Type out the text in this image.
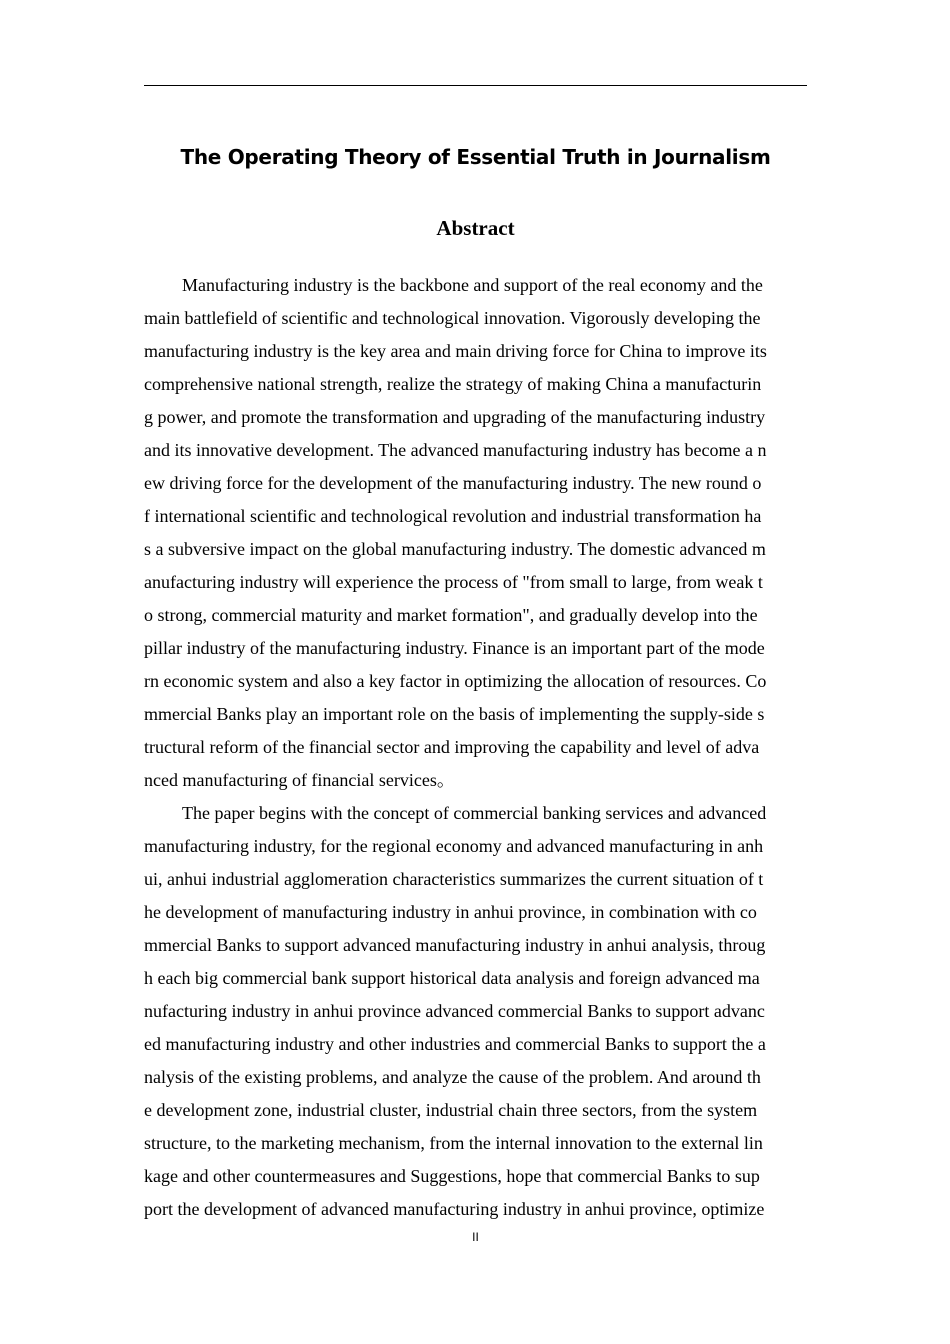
The Operating Theory of Essential Truth in Journalism
Abstract
Manufacturing industry is the backbone and support of the real economy and the
main battlefield of scientific and technological innovation. Vigorously developing the
manufacturing industry is the key area and main driving force for China to improve its
comprehensive national strength, realize the strategy of making China a manufacturin
g power, and promote the transformation and upgrading of the manufacturing industry
and its innovative development. The advanced manufacturing industry has become a n
ew driving force for the development of the manufacturing industry. The new round o
f international scientific and technological revolution and industrial transformation ha
s a subversive impact on the global manufacturing industry. The domestic advanced m
anufacturing industry will experience the process of "from small to large, from weak t
o strong, commercial maturity and market formation", and gradually develop into the
pillar industry of the manufacturing industry. Finance is an important part of the mode
rn economic system and also a key factor in optimizing the allocation of resources. Co
mmercial Banks play an important role on the basis of implementing the supply-side s
tructural reform of the financial sector and improving the capability and level of adva
nced manufacturing of financial services。
The paper begins with the concept of commercial banking services and advanced
manufacturing industry, for the regional economy and advanced manufacturing in anh
ui, anhui industrial agglomeration characteristics summarizes the current situation of t
he development of manufacturing industry in anhui province, in combination with co
mmercial Banks to support advanced manufacturing industry in anhui analysis, throug
h each big commercial bank support historical data analysis and foreign advanced ma
nufacturing industry in anhui province advanced commercial Banks to support advanc
ed manufacturing industry and other industries and commercial Banks to support the a
nalysis of the existing problems, and analyze the cause of the problem. And around th
e development zone, industrial cluster, industrial chain three sectors, from the system
structure, to the marketing mechanism, from the internal innovation to the external lin
kage and other countermeasures and Suggestions, hope that commercial Banks to sup
port the development of advanced manufacturing industry in anhui province, optimize
II
